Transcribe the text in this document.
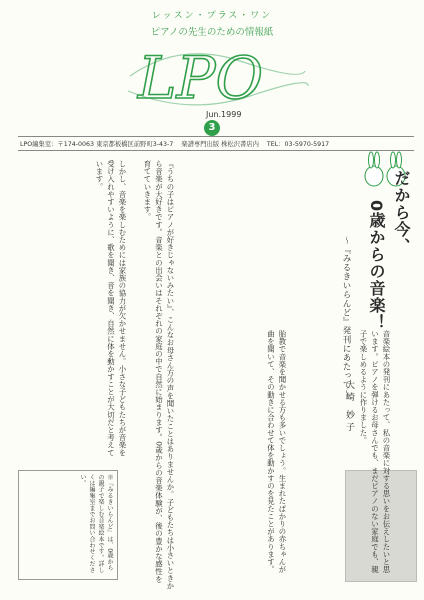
レッスン・プラス・ワン
ピアノの先生のための情報紙
LPO
Jun.1999
3
LPO編集室：〒174-0063 東京都板橋区前野町3-43-7 楽譜専門出版 株松沢書店内 TEL：03-5970-5917
だから今、
0歳からの音楽！
〜『みるきいらんど』発刊にあたって〜
大崎 妙子	音楽絵本の発刊にあたって、私の音楽に対する思いをお伝えしたいと思います。ピアノを弾けるお母さんでも、まだピアノのない家庭でも、親子で楽しめるように作りました。
胎教で音楽を聞かせる方も多いでしょう。生まれたばかりの赤ちゃんが曲を聞いて、その動きに合わせて体を動かすのを見たことがあります。
『うちの子はピアノが好きじゃないみたい』、こんなお母さん方の声を聞いたことはありませんか。子どもたちは小さいときから音楽が大好きです。音楽との出会いはそれぞれの家庭の中で自然に始まります。0歳からの音楽体験が、後の豊かな感性を育てていきます。
しかし、音楽を楽しむためには家族の協力が欠かせません。小さな子どもたちが音楽を受け入れやすいように、歌を聞き、音を聞き、自然に体を動かすことが大切だと考えています。
※『みるきいらんど』は、0歳からの親子で楽しむ音楽絵本です。詳しくは編集室までお問い合わせください。
